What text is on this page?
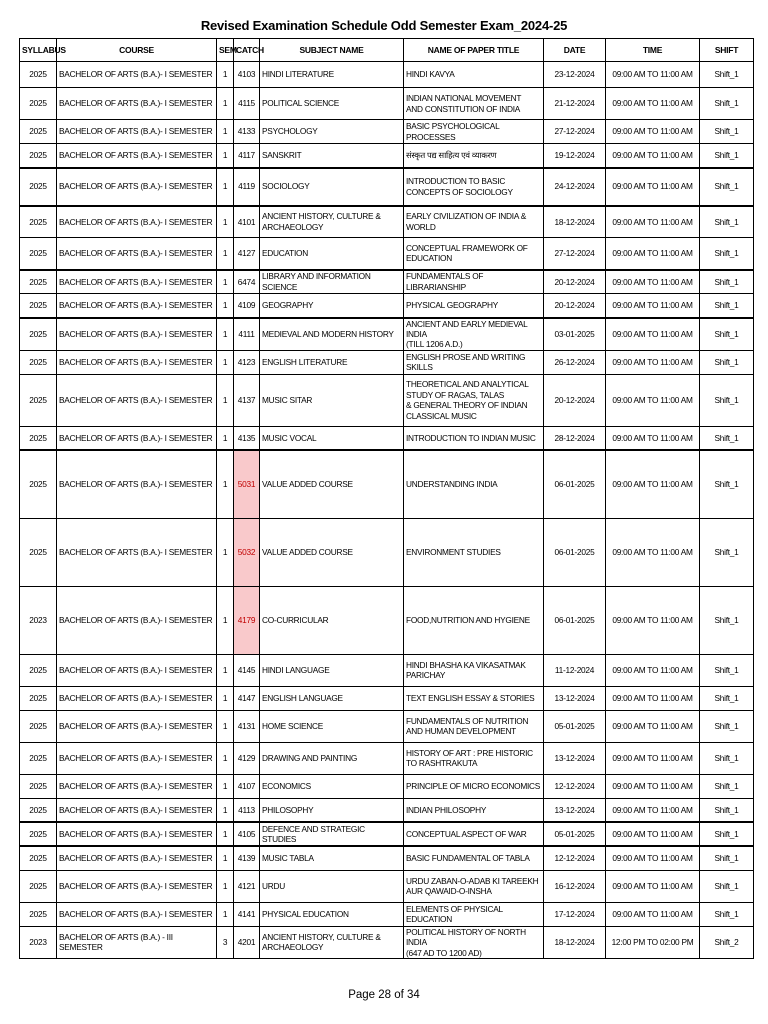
Revised Examination Schedule Odd Semester Exam_2024-25
SYLLABUS	COURSE	SEM	CATCH	SUBJECT NAME	NAME OF PAPER TITLE	DATE	TIME	SHIFT
2025	BACHELOR OF ARTS (B.A.)- I SEMESTER	1	4103	HINDI LITERATURE	HINDI KAVYA	23-12-2024	09:00 AM TO 11:00 AM	Shift_1
2025	BACHELOR OF ARTS (B.A.)- I SEMESTER	1	4115	POLITICAL SCIENCE	INDIAN NATIONAL MOVEMENT
AND CONSTITUTION OF INDIA	21-12-2024	09:00 AM TO 11:00 AM	Shift_1
2025	BACHELOR OF ARTS (B.A.)- I SEMESTER	1	4133	PSYCHOLOGY	BASIC PSYCHOLOGICAL PROCESSES	27-12-2024	09:00 AM TO 11:00 AM	Shift_1
2025	BACHELOR OF ARTS (B.A.)- I SEMESTER	1	4117	SANSKRIT	संस्कृत पद्य साहित्य एवं व्याकरण	19-12-2024	09:00 AM TO 11:00 AM	Shift_1
2025	BACHELOR OF ARTS (B.A.)- I SEMESTER	1	4119	SOCIOLOGY	INTRODUCTION TO BASIC CONCEPTS OF SOCIOLOGY	24-12-2024	09:00 AM TO 11:00 AM	Shift_1
2025	BACHELOR OF ARTS (B.A.)- I SEMESTER	1	4101	ANCIENT HISTORY, CULTURE & ARCHAEOLOGY	EARLY CIVILIZATION OF INDIA & WORLD	18-12-2024	09:00 AM TO 11:00 AM	Shift_1
2025	BACHELOR OF ARTS (B.A.)- I SEMESTER	1	4127	EDUCATION	CONCEPTUAL FRAMEWORK OF EDUCATION	27-12-2024	09:00 AM TO 11:00 AM	Shift_1
2025	BACHELOR OF ARTS (B.A.)- I SEMESTER	1	6474	LIBRARY AND INFORMATION SCIENCE	FUNDAMENTALS OF LIBRARIANSHIP	20-12-2024	09:00 AM TO 11:00 AM	Shift_1
2025	BACHELOR OF ARTS (B.A.)- I SEMESTER	1	4109	GEOGRAPHY	PHYSICAL GEOGRAPHY	20-12-2024	09:00 AM TO 11:00 AM	Shift_1
2025	BACHELOR OF ARTS (B.A.)- I SEMESTER	1	4111	MEDIEVAL AND MODERN HISTORY	ANCIENT AND EARLY MEDIEVAL INDIA
(TILL 1206 A.D.)	03-01-2025	09:00 AM TO 11:00 AM	Shift_1
2025	BACHELOR OF ARTS (B.A.)- I SEMESTER	1	4123	ENGLISH LITERATURE	ENGLISH PROSE AND WRITING SKILLS	26-12-2024	09:00 AM TO 11:00 AM	Shift_1
2025	BACHELOR OF ARTS (B.A.)- I SEMESTER	1	4137	MUSIC SITAR	THEORETICAL AND ANALYTICAL STUDY OF RAGAS, TALAS
& GENERAL THEORY OF INDIAN CLASSICAL MUSIC	20-12-2024	09:00 AM TO 11:00 AM	Shift_1
2025	BACHELOR OF ARTS (B.A.)- I SEMESTER	1	4135	MUSIC VOCAL	INTRODUCTION TO INDIAN MUSIC	28-12-2024	09:00 AM TO 11:00 AM	Shift_1
2025	BACHELOR OF ARTS (B.A.)- I SEMESTER	1	5031	VALUE ADDED COURSE	UNDERSTANDING INDIA	06-01-2025	09:00 AM TO 11:00 AM	Shift_1
2025	BACHELOR OF ARTS (B.A.)- I SEMESTER	1	5032	VALUE ADDED COURSE	ENVIRONMENT STUDIES	06-01-2025	09:00 AM TO 11:00 AM	Shift_1
2023	BACHELOR OF ARTS (B.A.)- I SEMESTER	1	4179	CO-CURRICULAR	FOOD,NUTRITION AND HYGIENE	06-01-2025	09:00 AM TO 11:00 AM	Shift_1
2025	BACHELOR OF ARTS (B.A.)- I SEMESTER	1	4145	HINDI LANGUAGE	HINDI BHASHA KA VIKASATMAK PARICHAY	11-12-2024	09:00 AM TO 11:00 AM	Shift_1
2025	BACHELOR OF ARTS (B.A.)- I SEMESTER	1	4147	ENGLISH LANGUAGE	TEXT ENGLISH ESSAY & STORIES	13-12-2024	09:00 AM TO 11:00 AM	Shift_1
2025	BACHELOR OF ARTS (B.A.)- I SEMESTER	1	4131	HOME SCIENCE	FUNDAMENTALS OF NUTRITION AND HUMAN DEVELOPMENT	05-01-2025	09:00 AM TO 11:00 AM	Shift_1
2025	BACHELOR OF ARTS (B.A.)- I SEMESTER	1	4129	DRAWING AND PAINTING	HISTORY OF ART : PRE HISTORIC TO RASHTRAKUTA	13-12-2024	09:00 AM TO 11:00 AM	Shift_1
2025	BACHELOR OF ARTS (B.A.)- I SEMESTER	1	4107	ECONOMICS	PRINCIPLE OF MICRO ECONOMICS	12-12-2024	09:00 AM TO 11:00 AM	Shift_1
2025	BACHELOR OF ARTS (B.A.)- I SEMESTER	1	4113	PHILOSOPHY	INDIAN PHILOSOPHY	13-12-2024	09:00 AM TO 11:00 AM	Shift_1
2025	BACHELOR OF ARTS (B.A.)- I SEMESTER	1	4105	DEFENCE AND STRATEGIC STUDIES	CONCEPTUAL ASPECT OF WAR	05-01-2025	09:00 AM TO 11:00 AM	Shift_1
2025	BACHELOR OF ARTS (B.A.)- I SEMESTER	1	4139	MUSIC TABLA	BASIC FUNDAMENTAL OF TABLA	12-12-2024	09:00 AM TO 11:00 AM	Shift_1
2025	BACHELOR OF ARTS (B.A.)- I SEMESTER	1	4121	URDU	URDU ZABAN-O-ADAB KI TAREEKH AUR QAWAID-O-INSHA	16-12-2024	09:00 AM TO 11:00 AM	Shift_1
2025	BACHELOR OF ARTS (B.A.)- I SEMESTER	1	4141	PHYSICAL EDUCATION	ELEMENTS OF PHYSICAL EDUCATION	17-12-2024	09:00 AM TO 11:00 AM	Shift_1
2023	BACHELOR OF ARTS (B.A.) - III SEMESTER	3	4201	ANCIENT HISTORY, CULTURE & ARCHAEOLOGY	POLITICAL HISTORY OF NORTH INDIA
(647 AD TO 1200 AD)	18-12-2024	12:00 PM TO 02:00 PM	Shift_2
Page 28 of 34
